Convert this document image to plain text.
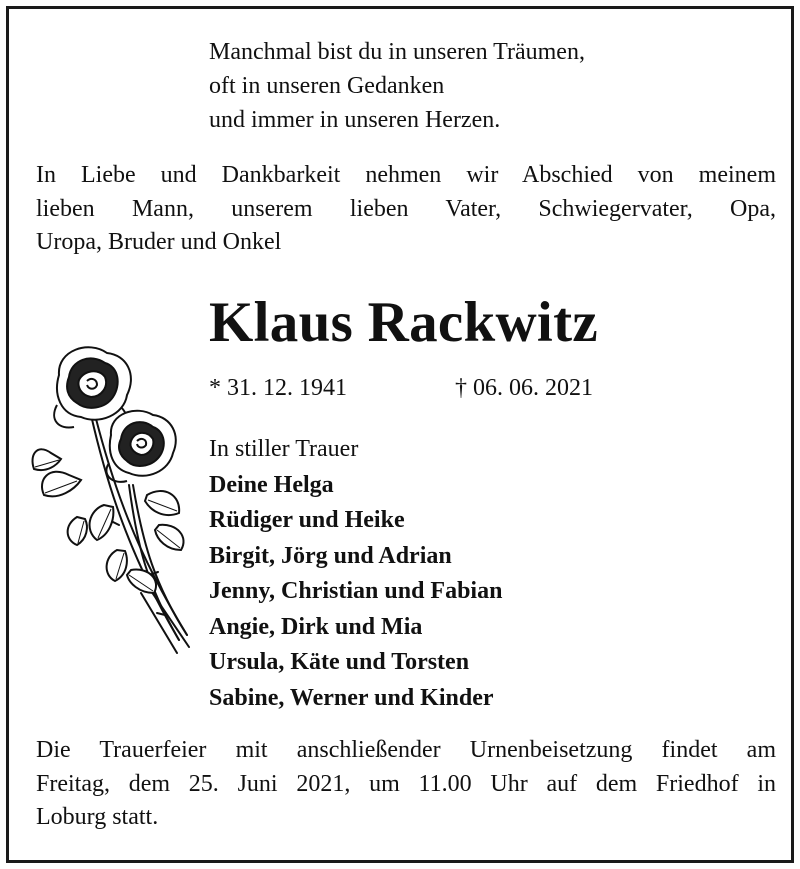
Manchmal bist du in unseren Träumen,
oft in unseren Gedanken
und immer in unseren Herzen.
In Liebe und Dankbarkeit nehmen wir Abschied von meinem
lieben Mann, unserem lieben Vater, Schwiegervater, Opa,
Uropa, Bruder und Onkel
Klaus Rackwitz
* 31. 12. 1941	† 06. 06. 2021
In stiller Trauer
Deine Helga
Rüdiger und Heike
Birgit, Jörg und Adrian
Jenny, Christian und Fabian
Angie, Dirk und Mia
Ursula, Käte und Torsten
Sabine, Werner und Kinder
Die Trauerfeier mit anschließender Urnenbeisetzung findet am
Freitag, dem 25. Juni 2021, um 11.00 Uhr auf dem Friedhof in
Loburg statt.
